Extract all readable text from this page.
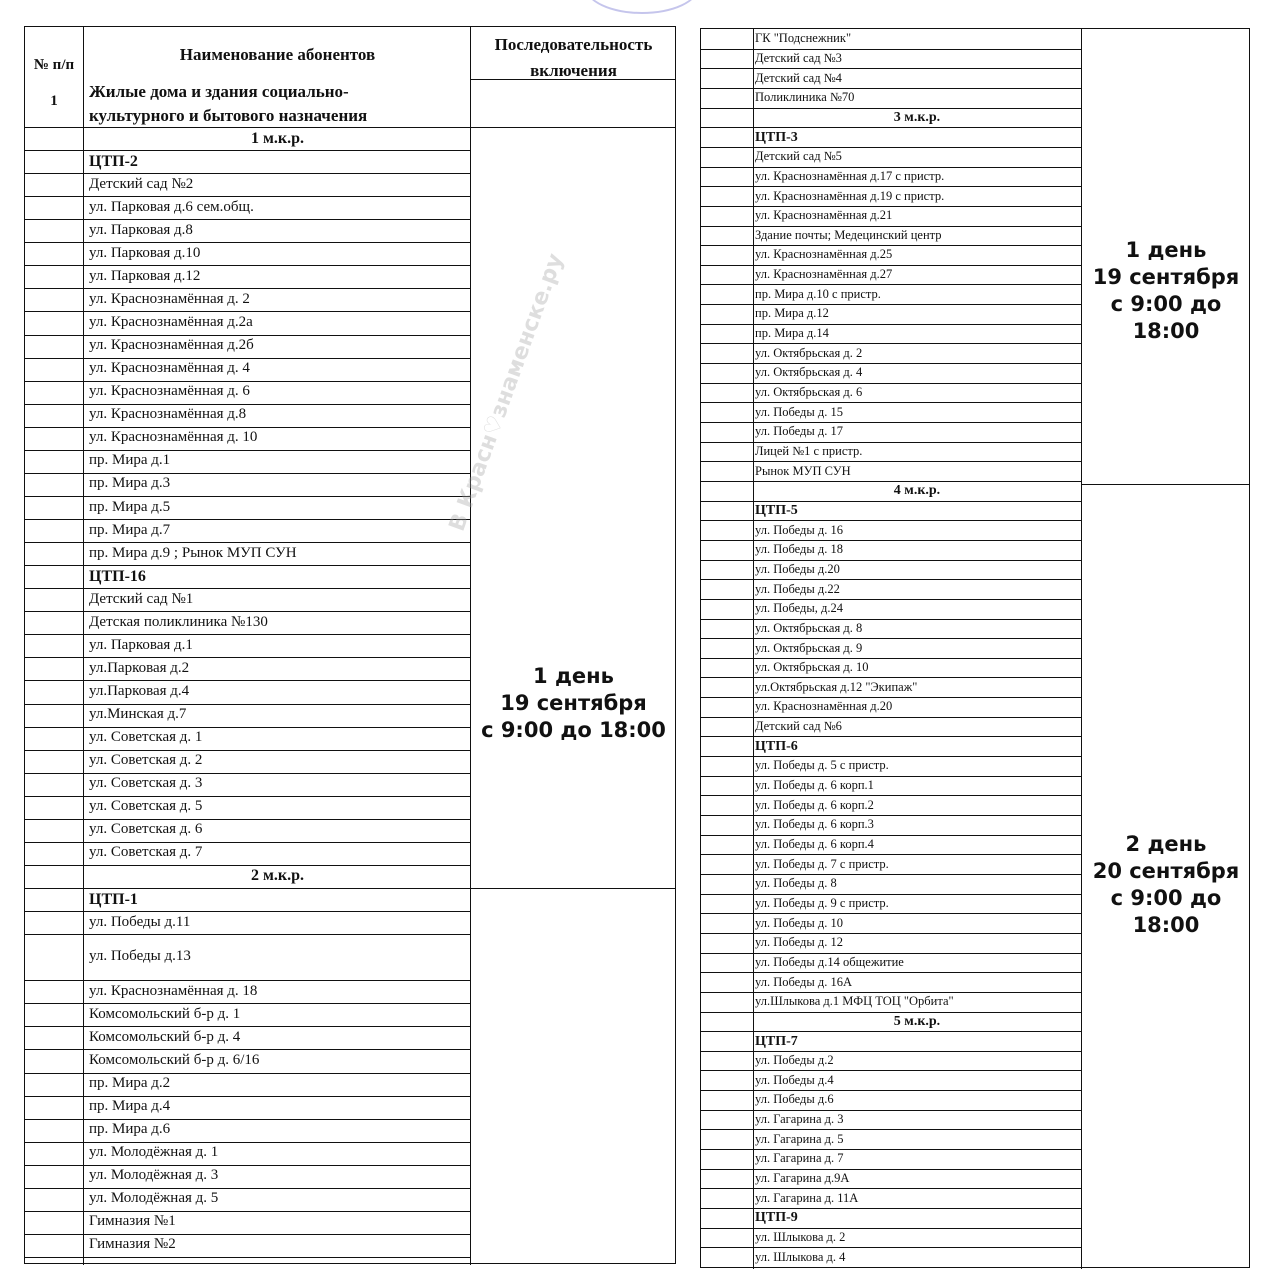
№ п/п
Наименование абонентов
Последовательность
включения
1	Жилые дома и здания социально-
культурного и бытового назначения
1 м.к.р.
ЦТП-2
Детский сад №2
ул. Парковая д.6 сем.общ.
ул. Парковая д.8
ул. Парковая д.10
ул. Парковая д.12
ул. Краснознамённая д. 2
ул. Краснознамённая д.2а
ул. Краснознамённая д.2б
ул. Краснознамённая д. 4
ул. Краснознамённая д. 6
ул. Краснознамённая д.8
ул. Краснознамённая д. 10
пр. Мира д.1
пр. Мира д.3
пр. Мира д.5
пр. Мира д.7
пр. Мира д.9 ; Рынок МУП СУН
ЦТП-16
Детский сад №1
Детская поликлиника №130
ул. Парковая д.1
ул.Парковая д.2
ул.Парковая д.4
ул.Минская д.7
ул. Советская д. 1
ул. Советская д. 2
ул. Советская д. 3
ул. Советская д. 5
ул. Советская д. 6
ул. Советская д. 7
2 м.к.р.
ЦТП-1
ул. Победы д.11
ул. Победы д.13
ул. Краснознамённая д. 18
Комсомольский б-р д. 1
Комсомольский б-р д. 4
Комсомольский б-р д. 6/16
пр. Мира д.2
пр. Мира д.4
пр. Мира д.6
ул. Молодёжная д. 1
ул. Молодёжная д. 3
ул. Молодёжная д. 5
Гимназия №1
Гимназия №2
1 день
19 сентября
с 9:00 до 18:00
В Красн♡знаменске.ру
ГК "Подснежник"
Детский сад №3
Детский сад №4
Поликлиника №70
3 м.к.р.
ЦТП-3
Детский сад №5
ул. Краснознамённая д.17 с пристр.
ул. Краснознамённая д.19 с пристр.
ул. Краснознамённая д.21
Здание почты; Медецинский центр
ул. Краснознамённая д.25
ул. Краснознамённая д.27
пр. Мира д.10 с пристр.
пр. Мира д.12
пр. Мира д.14
ул. Октябрьская д. 2
ул. Октябрьская д. 4
ул. Октябрьская д. 6
ул. Победы д. 15
ул. Победы д. 17
Лицей №1 с пристр.
Рынок МУП СУН
4 м.к.р.
ЦТП-5
ул. Победы д. 16
ул. Победы д. 18
ул. Победы д.20
ул. Победы д.22
ул. Победы, д.24
ул. Октябрьская д. 8
ул. Октябрьская д. 9
ул. Октябрьская д. 10
ул.Октябрьская д.12 "Экипаж"
ул. Краснознамённая д.20
Детский сад №6
ЦТП-6
ул. Победы д. 5 с пристр.
ул. Победы д. 6 корп.1
ул. Победы д. 6 корп.2
ул. Победы д. 6 корп.3
ул. Победы д. 6 корп.4
ул. Победы д. 7 с пристр.
ул. Победы д. 8
ул. Победы д. 9 с пристр.
ул. Победы д. 10
ул. Победы д. 12
ул. Победы д.14 общежитие
ул. Победы д. 16А
ул.Шлыкова д.1 МФЦ ТОЦ "Орбита"
5 м.к.р.
ЦТП-7
ул. Победы д.2
ул. Победы д.4
ул. Победы д.6
ул. Гагарина д. 3
ул. Гагарина д. 5
ул. Гагарина д. 7
ул. Гагарина д.9А
ул. Гагарина д. 11А
ЦТП-9
ул. Шлыкова д. 2
ул. Шлыкова д. 4
1 день
19 сентября
с 9:00 до 18:00
2 день
20 сентября
с 9:00 до 18:00
